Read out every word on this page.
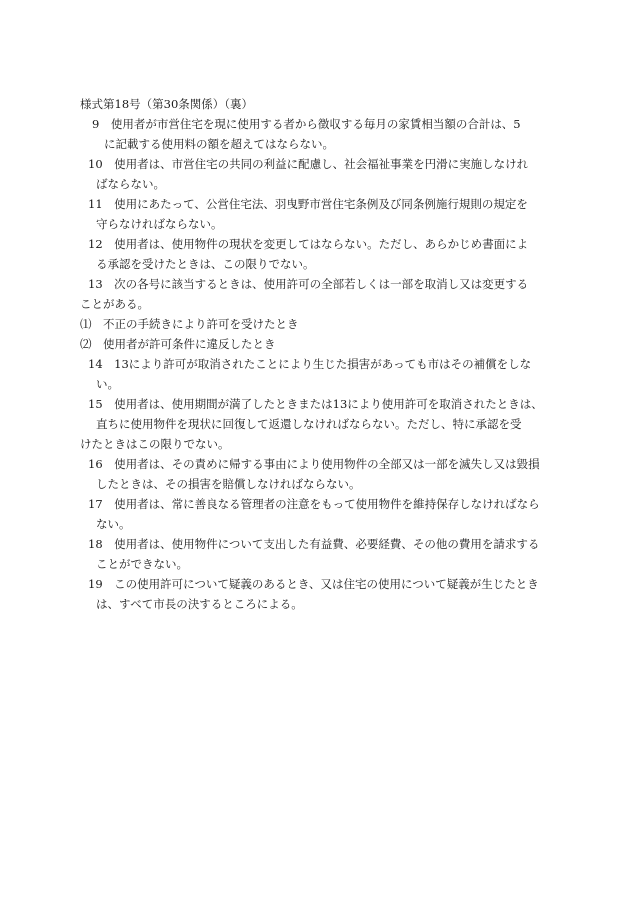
様式第18号（第30条関係）（裏）
9　使用者が市営住宅を現に使用する者から徴収する毎月の家賃相当額の合計は、5
に記載する使用料の額を超えてはならない。
10　使用者は、市営住宅の共同の利益に配慮し、社会福祉事業を円滑に実施しなけれ
ばならない。
11　使用にあたって、公営住宅法、羽曳野市営住宅条例及び同条例施行規則の規定を
守らなければならない。
12　使用者は、使用物件の現状を変更してはならない。ただし、あらかじめ書面によ
る承認を受けたときは、この限りでない。
13　次の各号に該当するときは、使用許可の全部若しくは一部を取消し又は変更する
ことがある。
⑴　不正の手続きにより許可を受けたとき
⑵　使用者が許可条件に違反したとき
14　13により許可が取消されたことにより生じた損害があっても市はその補償をしな
い。
15　使用者は、使用期間が満了したときまたは13により使用許可を取消されたときは、
直ちに使用物件を現状に回復して返還しなければならない。ただし、特に承認を受
けたときはこの限りでない。
16　使用者は、その責めに帰する事由により使用物件の全部又は一部を滅失し又は毀損
したときは、その損害を賠償しなければならない。
17　使用者は、常に善良なる管理者の注意をもって使用物件を維持保存しなければなら
ない。
18　使用者は、使用物件について支出した有益費、必要経費、その他の費用を請求する
ことができない。
19　この使用許可について疑義のあるとき、又は住宅の使用について疑義が生じたとき
は、すべて市長の決するところによる。
